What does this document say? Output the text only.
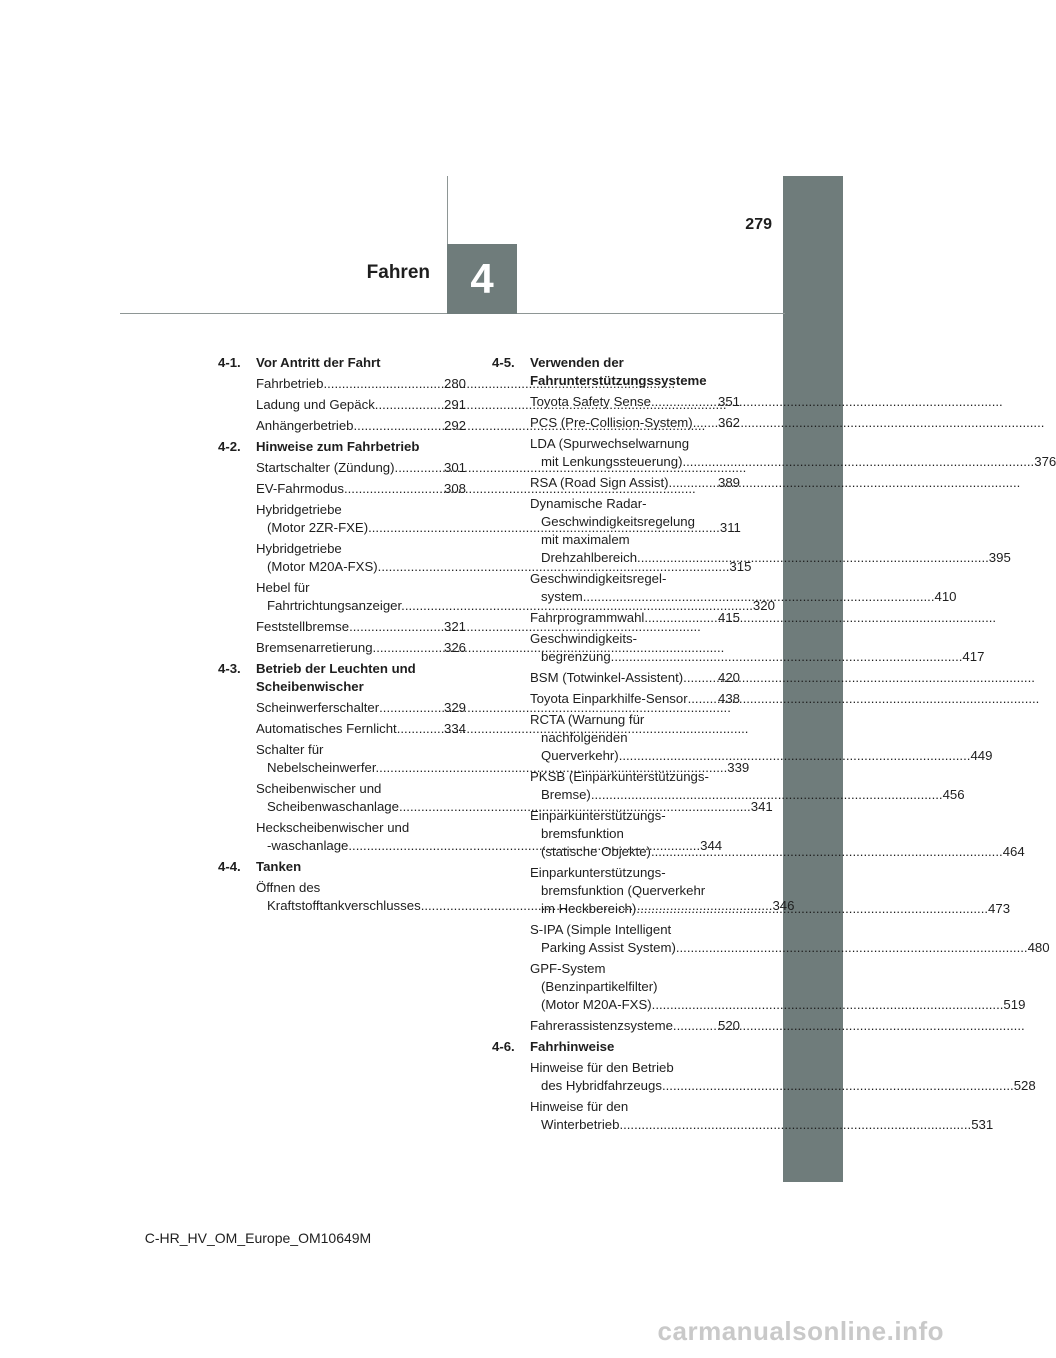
279
Fahren 4
4-1.	Vor Antritt der Fahrt
Fahrbetrieb .....	280
Ladung und Gepäck .....	291
Anhängerbetrieb .....	292
4-2.	Hinweise zum Fahrbetrieb
Startschalter (Zündung) .....	301
EV-Fahrmodus .....	308
Hybridgetriebe
(Motor 2ZR-FXE) .....	311
Hybridgetriebe
(Motor M20A-FXS) .....	315
Hebel für
Fahrtrichtungsanzeiger .....	320
Feststellbremse .....	321
Bremsenarretierung .....	326
4-3.	Betrieb der Leuchten und
Scheibenwischer
Scheinwerferschalter .....	329
Automatisches Fernlicht .....	334
Schalter für
Nebelscheinwerfer .....	339
Scheibenwischer und
Scheibenwaschanlage .....	341
Heckscheibenwischer und
-waschanlage .....	344
4-4.	Tanken
Öffnen des
Kraftstofftankverschlusses .....	346
4-5.	Verwenden der
Fahrunterstützungssysteme
Toyota Safety Sense .....	351
PCS (Pre-Collision-System) ..... 362
LDA (Spurwechselwarnung
mit Lenkungssteuerung) .....	376
RSA (Road Sign Assist) .....	389
Dynamische Radar-
Geschwindigkeitsregelung
mit maximalem
Drehzahlbereich .....	395
Geschwindigkeitsregel-
system .....	410
Fahrprogrammwahl .....	415
Geschwindigkeits-
begrenzung .....	417
BSM (Totwinkel-Assistent) .....	420
Toyota Einparkhilfe-Sensor ..... 438
RCTA (Warnung für
nachfolgenden
Querverkehr) .....	449
PKSB (Einparkunterstützungs-
Bremse) .....	456
Einparkunterstützungs-
bremsfunktion
(statische Objekte) .....	464
Einparkunterstützungs-
bremsfunktion (Querverkehr
im Heckbereich) .....	473
S-IPA (Simple Intelligent
Parking Assist System) .....	480
GPF-System
(Benzinpartikelfilter)
(Motor M20A-FXS) .....	519
Fahrerassistenzsysteme .....	520
4-6.	Fahrhinweise
Hinweise für den Betrieb
des Hybridfahrzeugs .....	528
Hinweise für den
Winterbetrieb .....	531
C-HR_HV_OM_Europe_OM10649M
carmanualsonline.info
